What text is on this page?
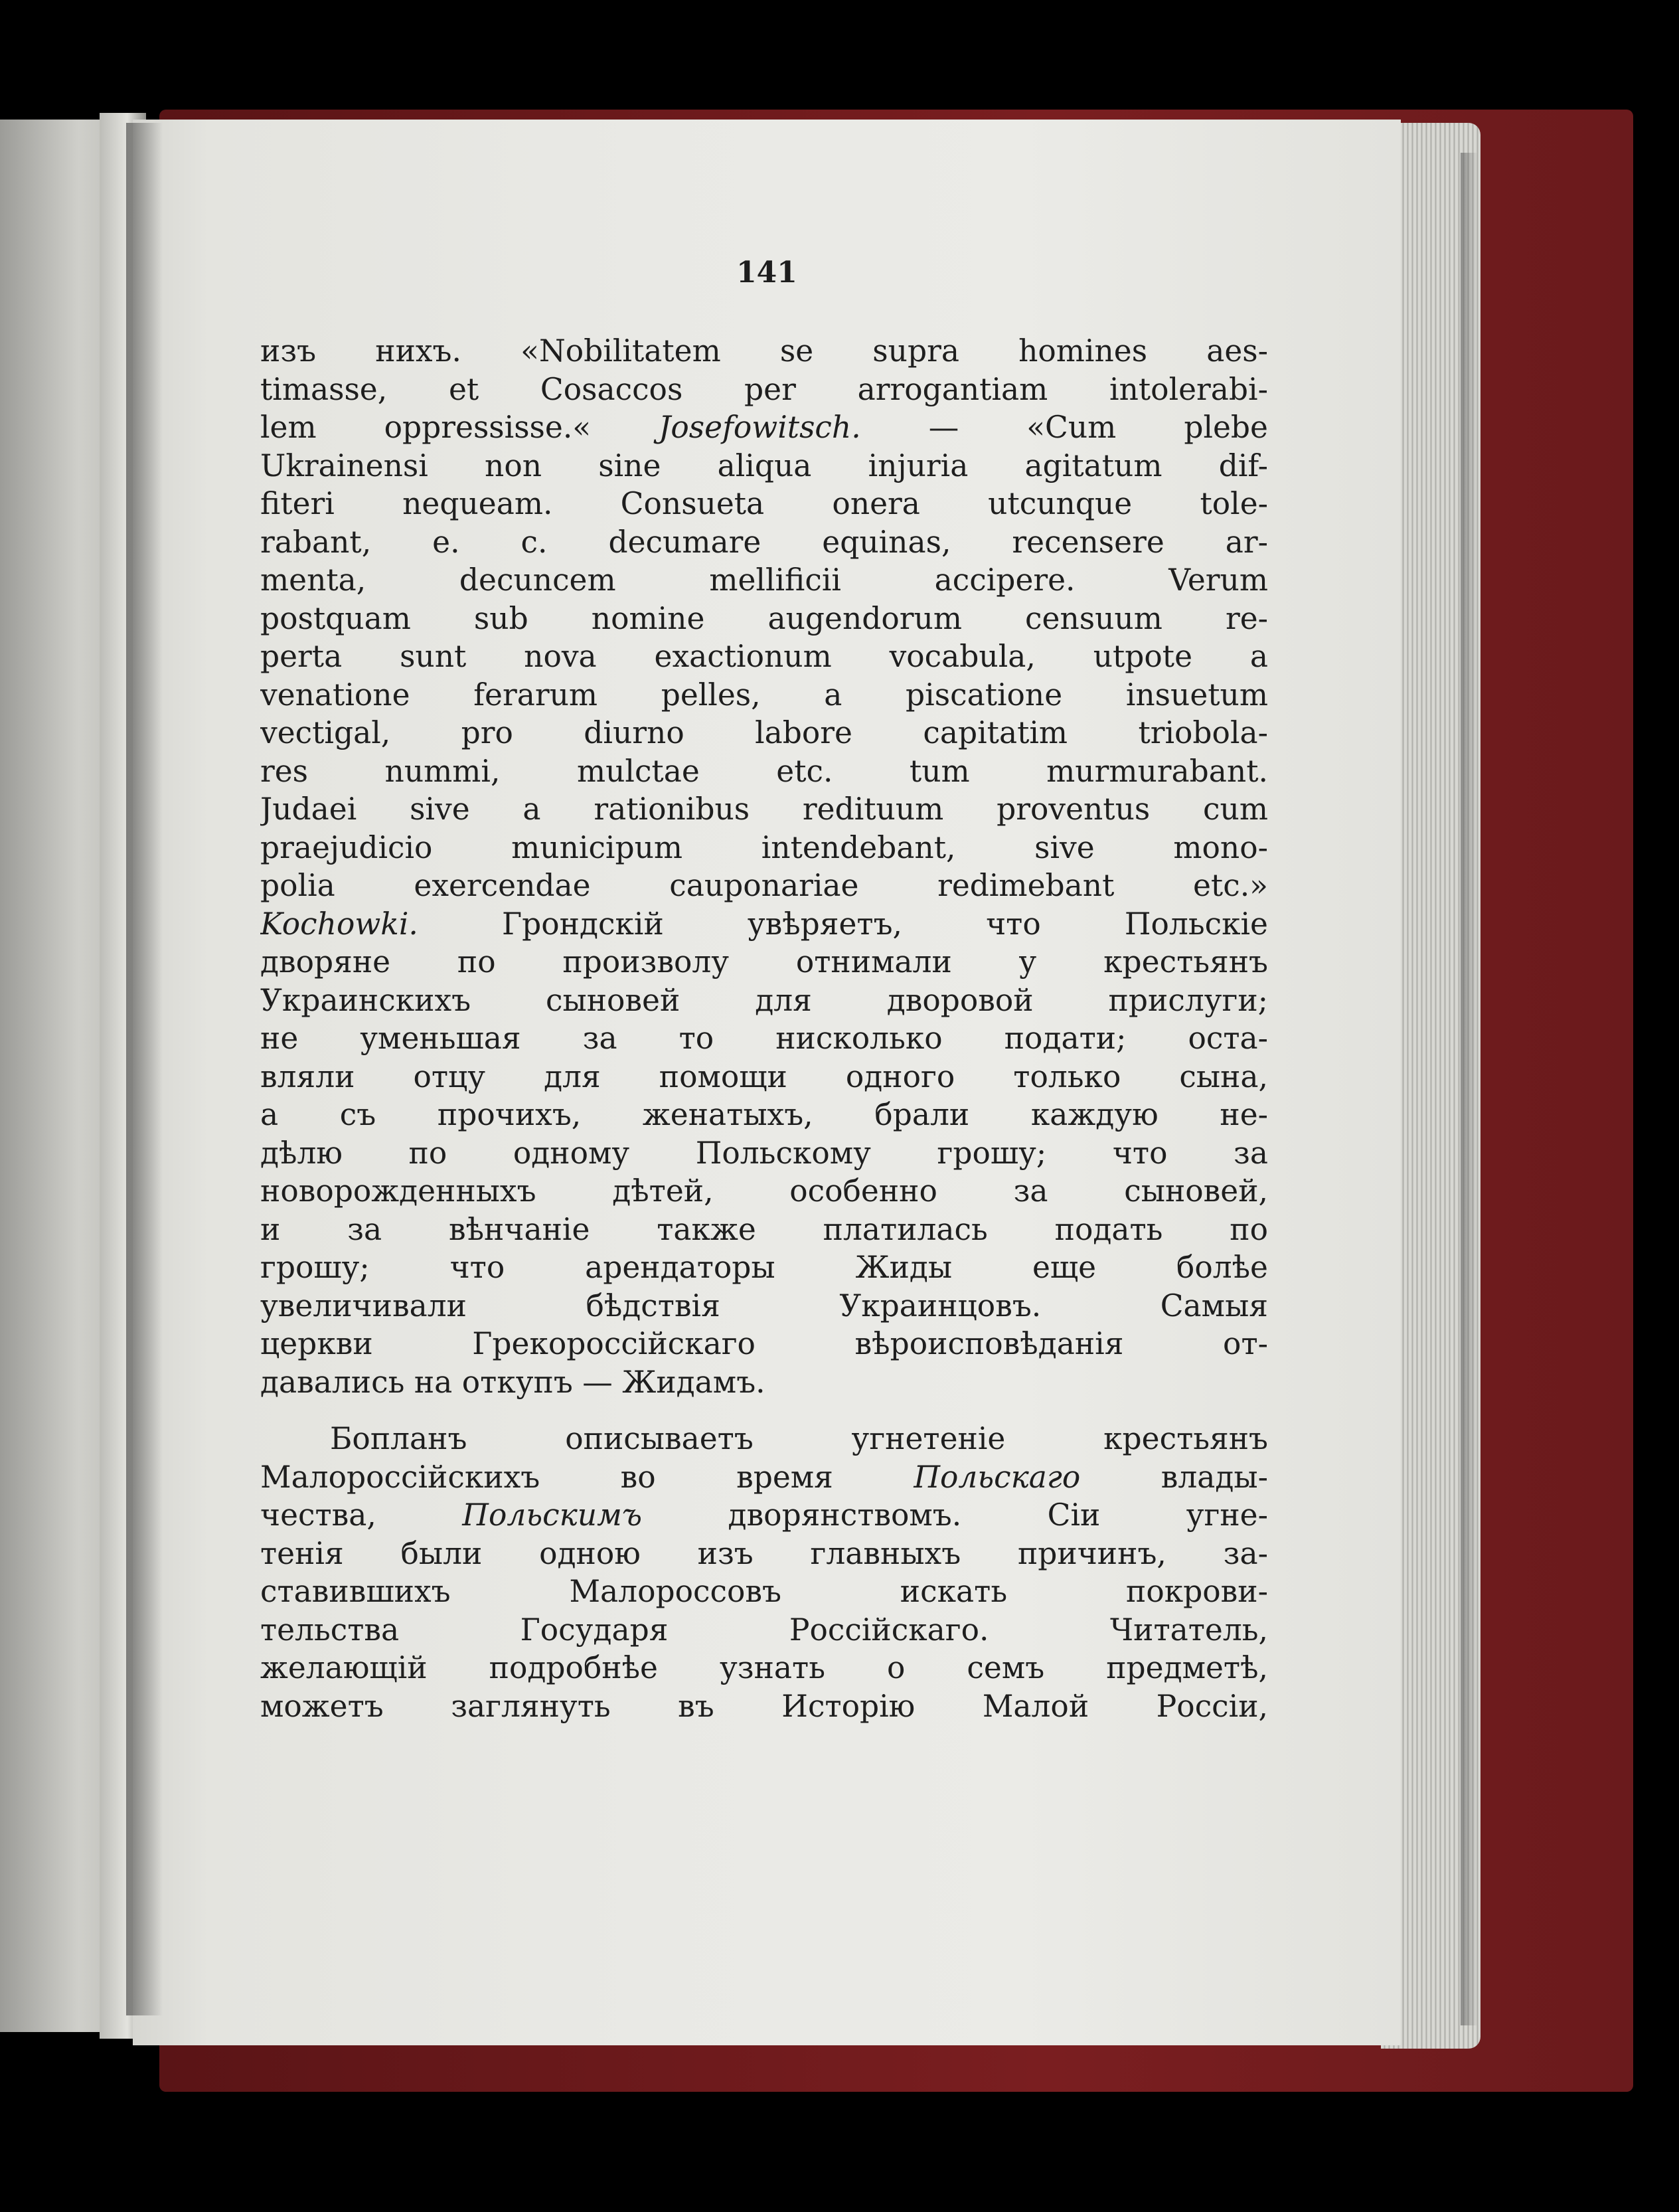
141

изъ нихъ. «Nobilitatem se supra homines aes-
timasse, et Cosaccos per arrogantiam intolerabi-
lem oppressisse.« Josefowitsch. — «Cum plebe
Ukrainensi non sine aliqua injuria agitatum dif-
fiteri nequeam. Consueta onera utcunque tole-
rabant, e. c. decumare equinas, recensere ar-
menta, decuncem mellificii accipere. Verum
postquam sub nomine augendorum censuum re-
perta sunt nova exactionum vocabula, utpote a
venatione ferarum pelles, a piscatione insuetum
vectigal, pro diurno labore capitatim triobola-
res nummi, mulctae etc. tum murmurabant.
Judaei sive a rationibus redituum proventus cum
praejudicio municipum intendebant, sive mono-
polia exercendae cauponariae redimebant etc.»
Kochowki. Грондскій увѣряетъ, что Польскіе
дворяне по произволу отнимали у крестьянъ
Украинскихъ сыновей для дворовой прислуги;
не уменьшая за то нисколько подати; оста-
вляли отцу для помощи одного только сына,
а съ прочихъ, женатыхъ, брали каждую не-
дѣлю по одному Польскому грошу; что за
новорожденныхъ дѣтей, особенно за сыновей,
и за вѣнчаніе также платилась подать по
грошу; что арендаторы Жиды еще болѣе
увеличивали бѣдствія Украинцовъ. Самыя
церкви Грекороссійскаго вѣроисповѣданія от-
давались на откупъ — Жидамъ.
Бопланъ описываетъ угнетеніе крестьянъ
Малороссійскихъ во время Польскаго влады-
чества, Польскимъ дворянствомъ. Сіи угне-
тенія были одною изъ главныхъ причинъ, за-
ставившихъ Малороссовъ искать покрови-
тельства Государя Россійскаго. Читатель,
желающій подробнѣе узнать о семъ предметѣ,
можетъ заглянуть въ Исторію Малой Россіи,
